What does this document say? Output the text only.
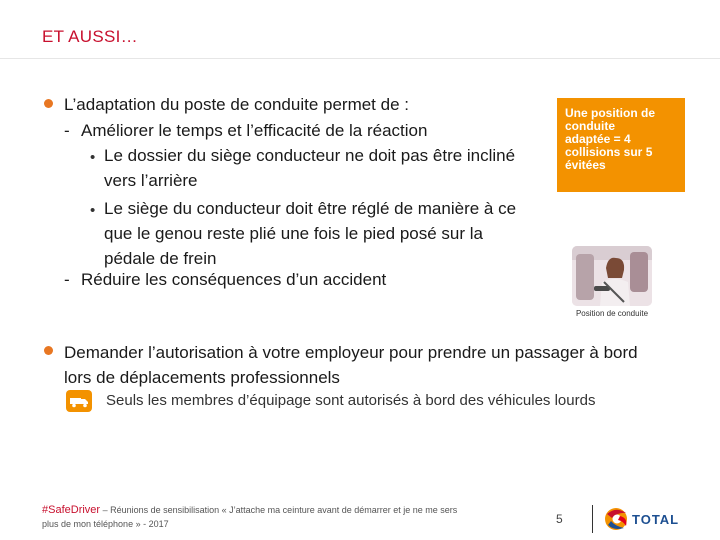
ET AUSSI…
L’adaptation du poste de conduite permet de :
- Améliorer le temps et l’efficacité de la réaction
• Le dossier du siège conducteur ne doit pas être incliné
vers l’arrière
• Le siège du conducteur doit être réglé de manière à ce
que le genou reste plié une fois le pied posé sur la
pédale de frein
- Réduire les conséquences d’un accident

Une position de
conduite
adaptée = 4
collisions sur 5
évitées

Position de conduite
Demander l’autorisation à votre employeur pour prendre un passager à bord
lors de déplacements professionnels
Seuls les membres d’équipage sont autorisés à bord des véhicules lourds
#SafeDriver – Réunions de sensibilisation « J’attache ma ceinture avant de démarrer et je ne me sers
plus de mon téléphone » - 2017	5	TOTAL
